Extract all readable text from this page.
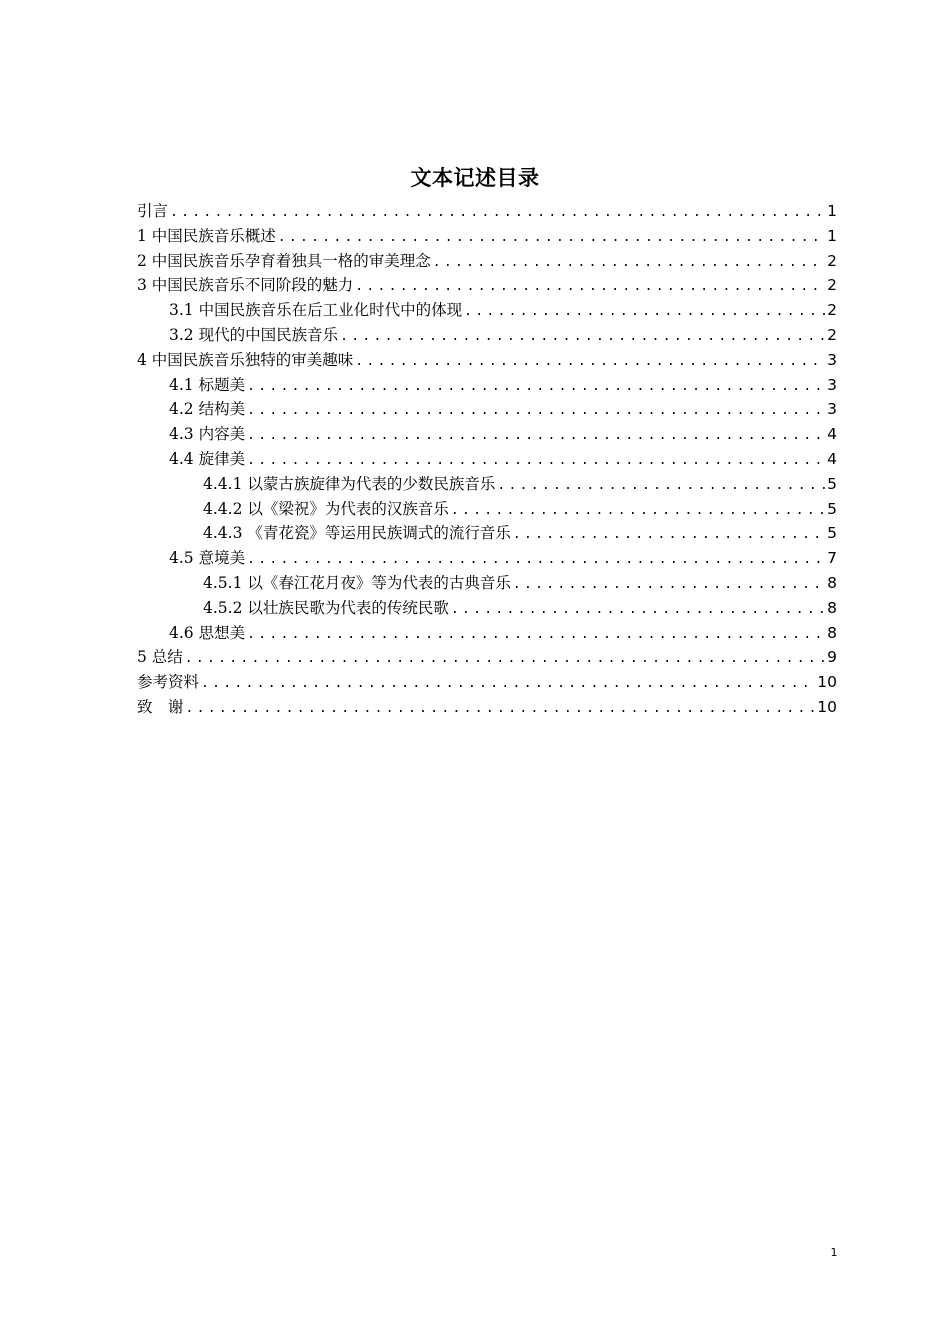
文本记述目录
引言 .....	1
1 中国民族音乐概述 .....	1
2 中国民族音乐孕育着独具一格的审美理念 .....	2
3 中国民族音乐不同阶段的魅力 .....	2
3.1 中国民族音乐在后工业化时代中的体现 .....	2
3.2 现代的中国民族音乐 .....	2
4 中国民族音乐独特的审美趣味 .....	3
4.1 标题美 .....	3
4.2 结构美 .....	3
4.3 内容美 .....	4
4.4 旋律美 .....	4
4.4.1 以蒙古族旋律为代表的少数民族音乐 .....	5
4.4.2 以《梁祝》为代表的汉族音乐 .....	5
4.4.3 《青花瓷》等运用民族调式的流行音乐 .....	5
4.5 意境美 .....	7
4.5.1 以《春江花月夜》等为代表的古典音乐 .....	8
4.5.2 以壮族民歌为代表的传统民歌 .....	8
4.6 思想美 .....	8
5 总结 .....	9
参考资料 .....	10
致　谢 .....	10
1
